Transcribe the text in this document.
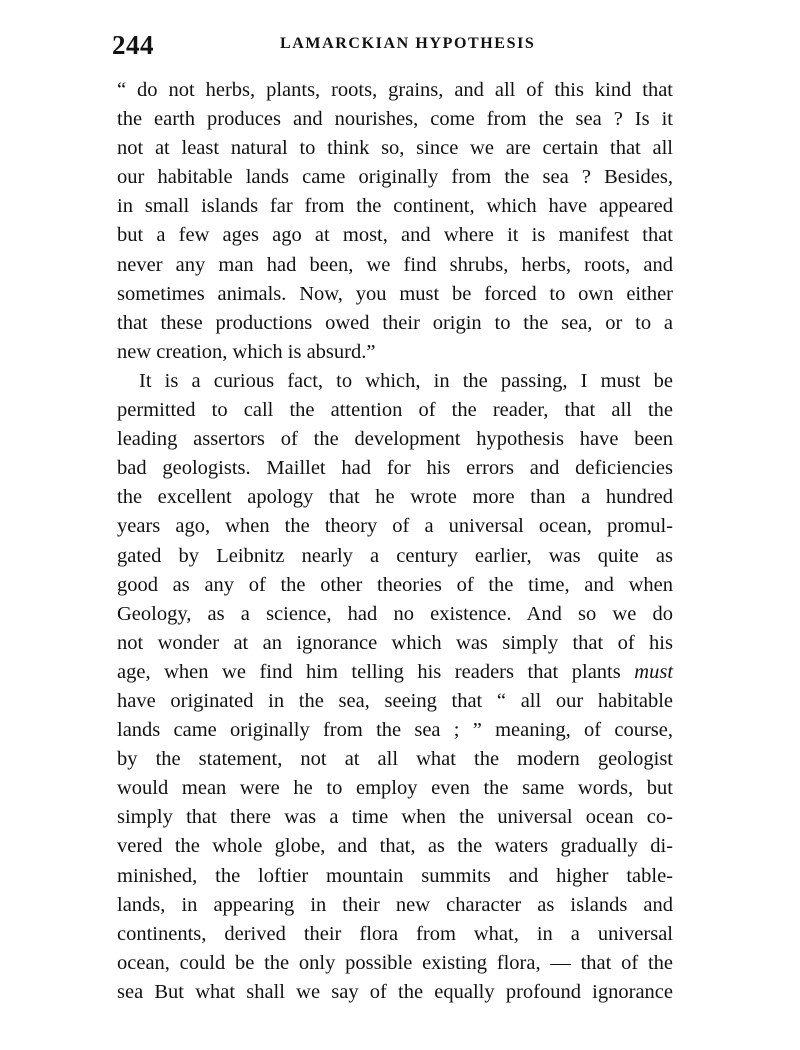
244	LAMARCKIAN HYPOTHESIS
“ do not herbs, plants, roots, grains, and all of this kind that
the earth produces and nourishes, come from the sea ? Is it
not at least natural to think so, since we are certain that all
our habitable lands came originally from the sea ? Besides,
in small islands far from the continent, which have appeared
but a few ages ago at most, and where it is manifest that
never any man had been, we find shrubs, herbs, roots, and
sometimes animals. Now, you must be forced to own either
that these productions owed their origin to the sea, or to a
new creation, which is absurd.”
It is a curious fact, to which, in the passing, I must be
permitted to call the attention of the reader, that all the
leading assertors of the development hypothesis have been
bad geologists. Maillet had for his errors and deficiencies
the excellent apology that he wrote more than a hundred
years ago, when the theory of a universal ocean, promul-
gated by Leibnitz nearly a century earlier, was quite as
good as any of the other theories of the time, and when
Geology, as a science, had no existence. And so we do
not wonder at an ignorance which was simply that of his
age, when we find him telling his readers that plants must
have originated in the sea, seeing that “ all our habitable
lands came originally from the sea ; ” meaning, of course,
by the statement, not at all what the modern geologist
would mean were he to employ even the same words, but
simply that there was a time when the universal ocean co-
vered the whole globe, and that, as the waters gradually di-
minished, the loftier mountain summits and higher table-
lands, in appearing in their new character as islands and
continents, derived their flora from what, in a universal
ocean, could be the only possible existing flora, — that of the
sea But what shall we say of the equally profound ignorance
